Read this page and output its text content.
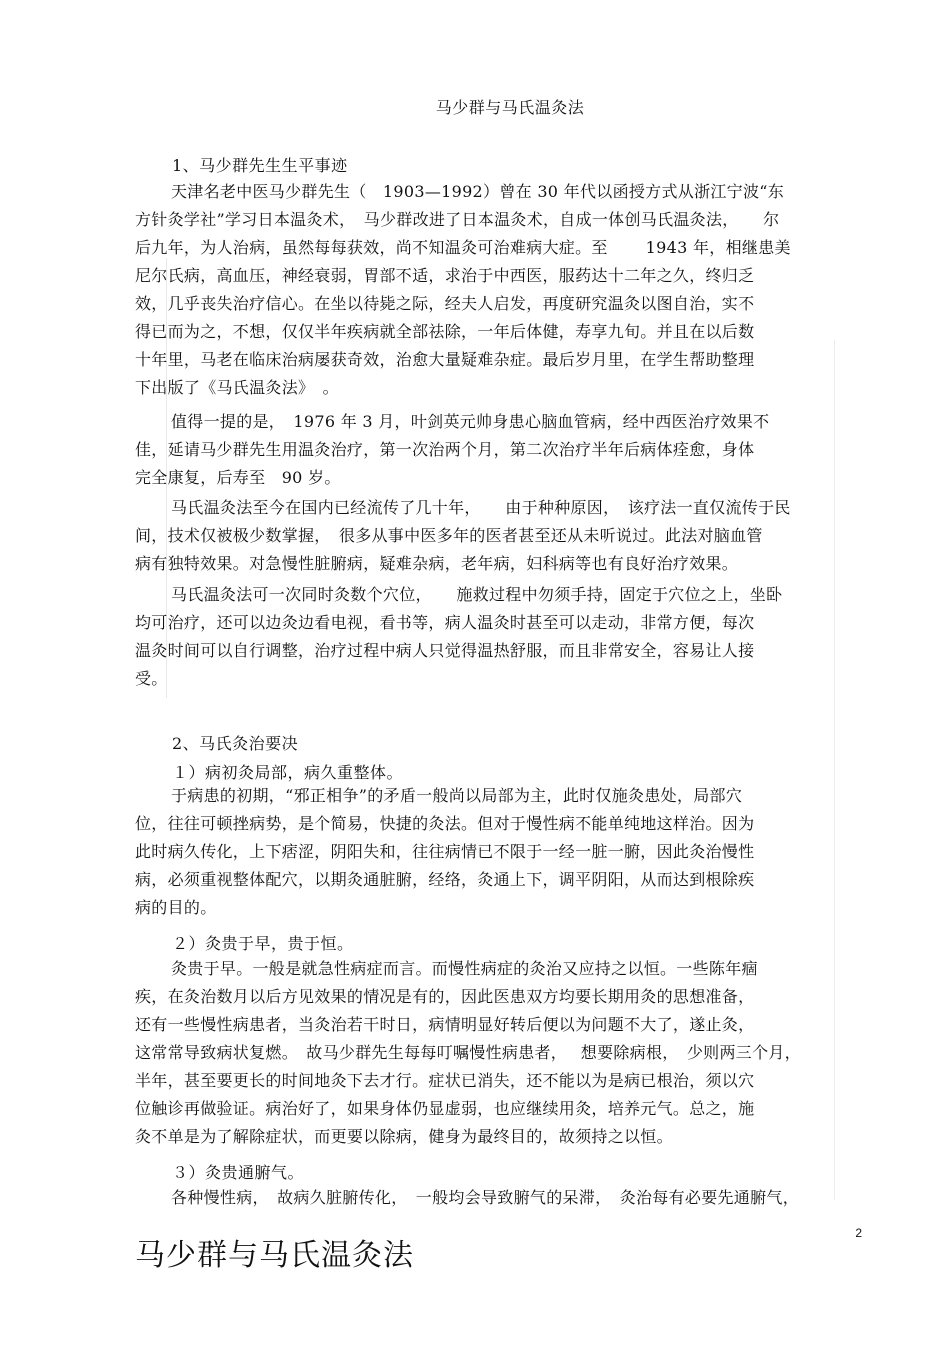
马少群与马氏温灸法
1、马少群先生生平事迹

天津名老中医马少群先生（　1903—1992）曾在 30 年代以函授方式从浙江宁波“东
方针灸学社”学习日本温灸术，　马少群改进了日本温灸术，自成一体创马氏温灸法，　　尔
后九年，为人治病，虽然每每获效，尚不知温灸可治难病大症。至　　 1943 年，相继患美
尼尔氏病，高血压，神经衰弱，胃部不适，求治于中西医，服药达十二年之久，终归乏
效，几乎丧失治疗信心。在坐以待毙之际，经夫人启发，再度研究温灸以图自治，实不
得已而为之，不想，仅仅半年疾病就全部祛除，一年后体健，寿享九旬。并且在以后数
十年里，马老在临床治病屡获奇效，治愈大量疑难杂症。最后岁月里，在学生帮助整理
下出版了《马氏温灸法》　。

值得一提的是，　1976 年 3 月，叶剑英元帅身患心脑血管病，经中西医治疗效果不
佳，延请马少群先生用温灸治疗，第一次治两个月，第二次治疗半年后病体痊愈，身体
完全康复，后寿至　90 岁。

马氏温灸法至今在国内已经流传了几十年，　　由于种种原因，　该疗法一直仅流传于民
间，技术仅被极少数掌握，　很多从事中医多年的医者甚至还从未听说过。此法对脑血管
病有独特效果。对急慢性脏腑病，疑难杂病，老年病，妇科病等也有良好治疗效果。

马氏温灸法可一次同时灸数个穴位，　　施救过程中勿须手持，固定于穴位之上，坐卧
均可治疗，还可以边灸边看电视，看书等，病人温灸时甚至可以走动，非常方便，每次
温灸时间可以自行调整，治疗过程中病人只觉得温热舒服，而且非常安全，容易让人接
受。

2、马氏灸治要决
１）病初灸局部，病久重整体。

于病患的初期，“邪正相争”的矛盾一般尚以局部为主，此时仅施灸患处，局部穴
位，往往可顿挫病势，是个简易，快捷的灸法。但对于慢性病不能单纯地这样治。因为
此时病久传化，上下痞涩，阴阳失和，往往病情已不限于一经一脏一腑，因此灸治慢性
病，必须重视整体配穴，以期灸通脏腑，经络，灸通上下，调平阴阳，从而达到根除疾
病的目的。

２）灸贵于早，贵于恒。

灸贵于早。一般是就急性病症而言。而慢性病症的灸治又应持之以恒。一些陈年痼
疾，在灸治数月以后方见效果的情况是有的，因此医患双方均要长期用灸的思想准备，
还有一些慢性病患者，当灸治若干时日，病情明显好转后便以为问题不大了，遂止灸，
这常常导致病状复燃。　故马少群先生每每叮嘱慢性病患者，　 想要除病根，　少则两三个月，
半年，甚至要更长的时间地灸下去才行。症状已消失，还不能以为是病已根治，须以穴
位触诊再做验证。病治好了，如果身体仍显虚弱，也应继续用灸，培养元气。总之，施
灸不单是为了解除症状，而更要以除病，健身为最终目的，故须持之以恒。

３）灸贵通腑气。

各种慢性病，　故病久脏腑传化，　一般均会导致腑气的呆滞，　灸治每有必要先通腑气，

2
马少群与马氏温灸法
